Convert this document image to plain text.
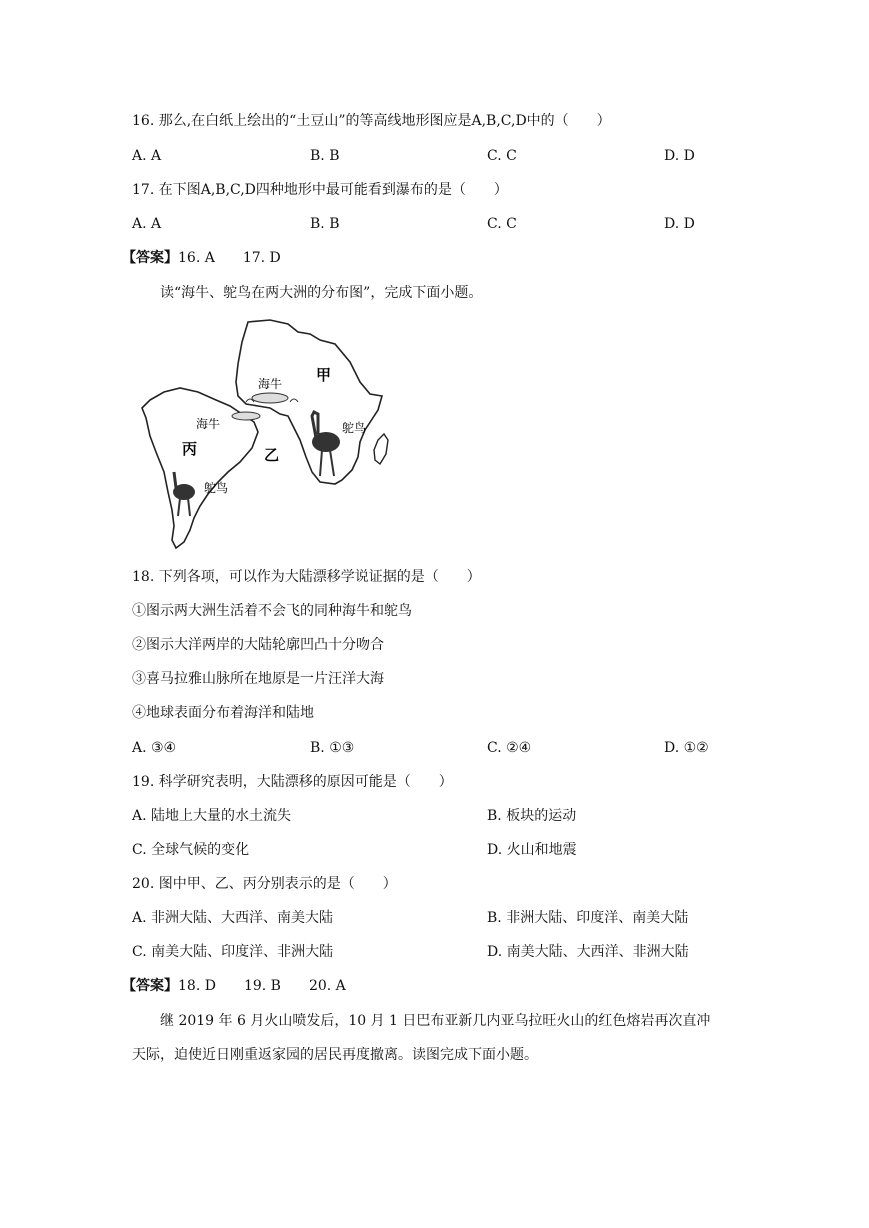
16. 那么,在白纸上绘出的“土豆山”的等高线地形图应是A,B,C,D中的（　　）
A. A	B. B	C. C	D. D
17. 在下图A,B,C,D四种地形中最可能看到瀑布的是（　　）
A. A	B. B	C. C	D. D
【答案】16. A　　17. D
读“海牛、鸵鸟在两大洲的分布图”，完成下面小题。
甲
乙
丙
海牛
海牛	鸵鸟
鸵鸟
18. 下列各项，可以作为大陆漂移学说证据的是（　　）
①图示两大洲生活着不会飞的同种海牛和鸵鸟
②图示大洋两岸的大陆轮廓凹凸十分吻合
③喜马拉雅山脉所在地原是一片汪洋大海
④地球表面分布着海洋和陆地
A. ③④	B. ①③	C. ②④	D. ①②
19. 科学研究表明，大陆漂移的原因可能是（　　）
A. 陆地上大量的水土流失	B. 板块的运动
C. 全球气候的变化	D. 火山和地震
20. 图中甲、乙、丙分别表示的是（　　）
A. 非洲大陆、大西洋、南美大陆	B. 非洲大陆、印度洋、南美大陆
C. 南美大陆、印度洋、非洲大陆	D. 南美大陆、大西洋、非洲大陆
【答案】18. D　　19. B　　20. A
继 2019 年 6 月火山喷发后，10 月 1 日巴布亚新几内亚乌拉旺火山的红色熔岩再次直冲
天际，迫使近日刚重返家园的居民再度撤离。读图完成下面小题。
